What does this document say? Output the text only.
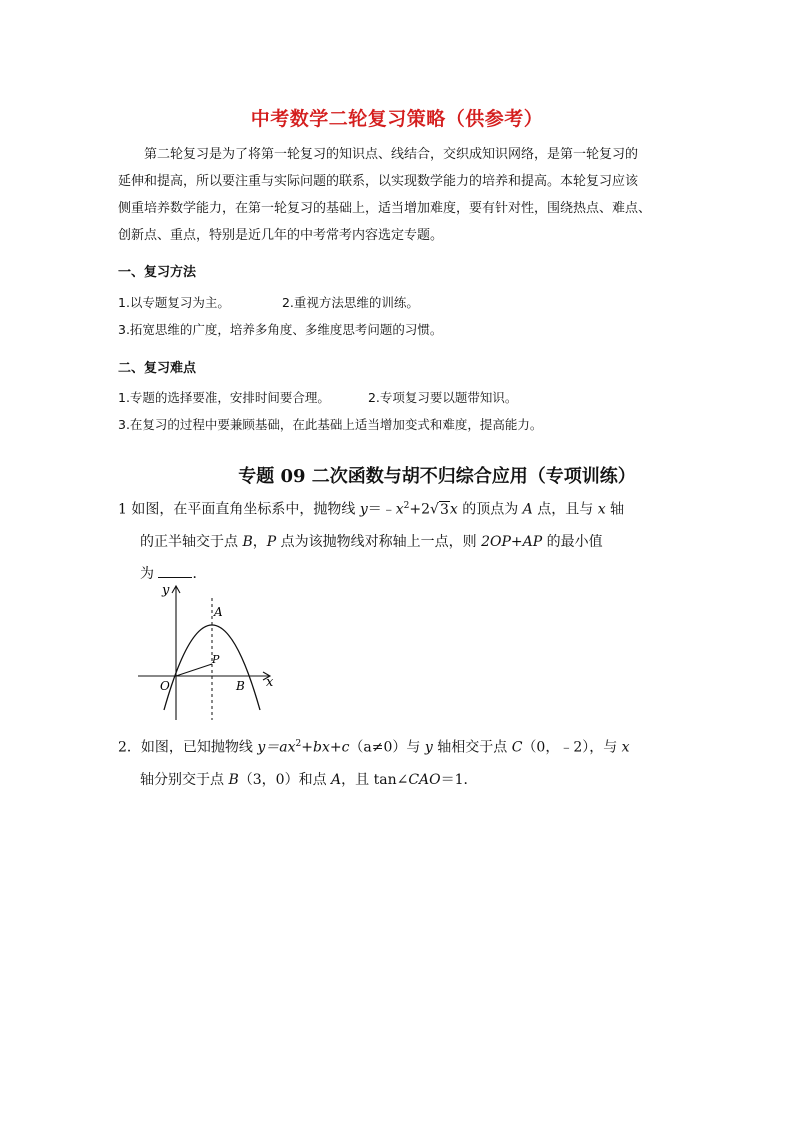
中考数学二轮复习策略（供参考）
第二轮复习是为了将第一轮复习的知识点、线结合，交织成知识网络，是第一轮复习的
延伸和提高，所以要注重与实际问题的联系，以实现数学能力的培养和提高。本轮复习应该
侧重培养数学能力，在第一轮复习的基础上，适当增加难度，要有针对性，围绕热点、难点、
创新点、重点，特别是近几年的中考常考内容选定专题。
一、复习方法
1.以专题复习为主。	2.重视方法思维的训练。
3.拓宽思维的广度，培养多角度、多维度思考问题的习惯。
二、复习难点
1.专题的选择要准，安排时间要合理。	2.专项复习要以题带知识。
3.在复习的过程中要兼顾基础，在此基础上适当增加变式和难度，提高能力。
专题 09 二次函数与胡不归综合应用（专项训练）
1 如图，在平面直角坐标系中，抛物线 $y=﹣x^2+2√3x$ 的顶点为 A 点，且与 x 轴
的正半轴交于点 B，P 点为该抛物线对称轴上一点，则 2OP+AP 的最小值
为 ．
y
x
O
A
B
P
2．如图，已知抛物线 $y=ax^2+bx+c(a\ne 0)$与 y 轴相交于点 C（0，﹣2），与 x
轴分别交于点 B（3，0）和点 A，且 tan∠CAO＝1．
